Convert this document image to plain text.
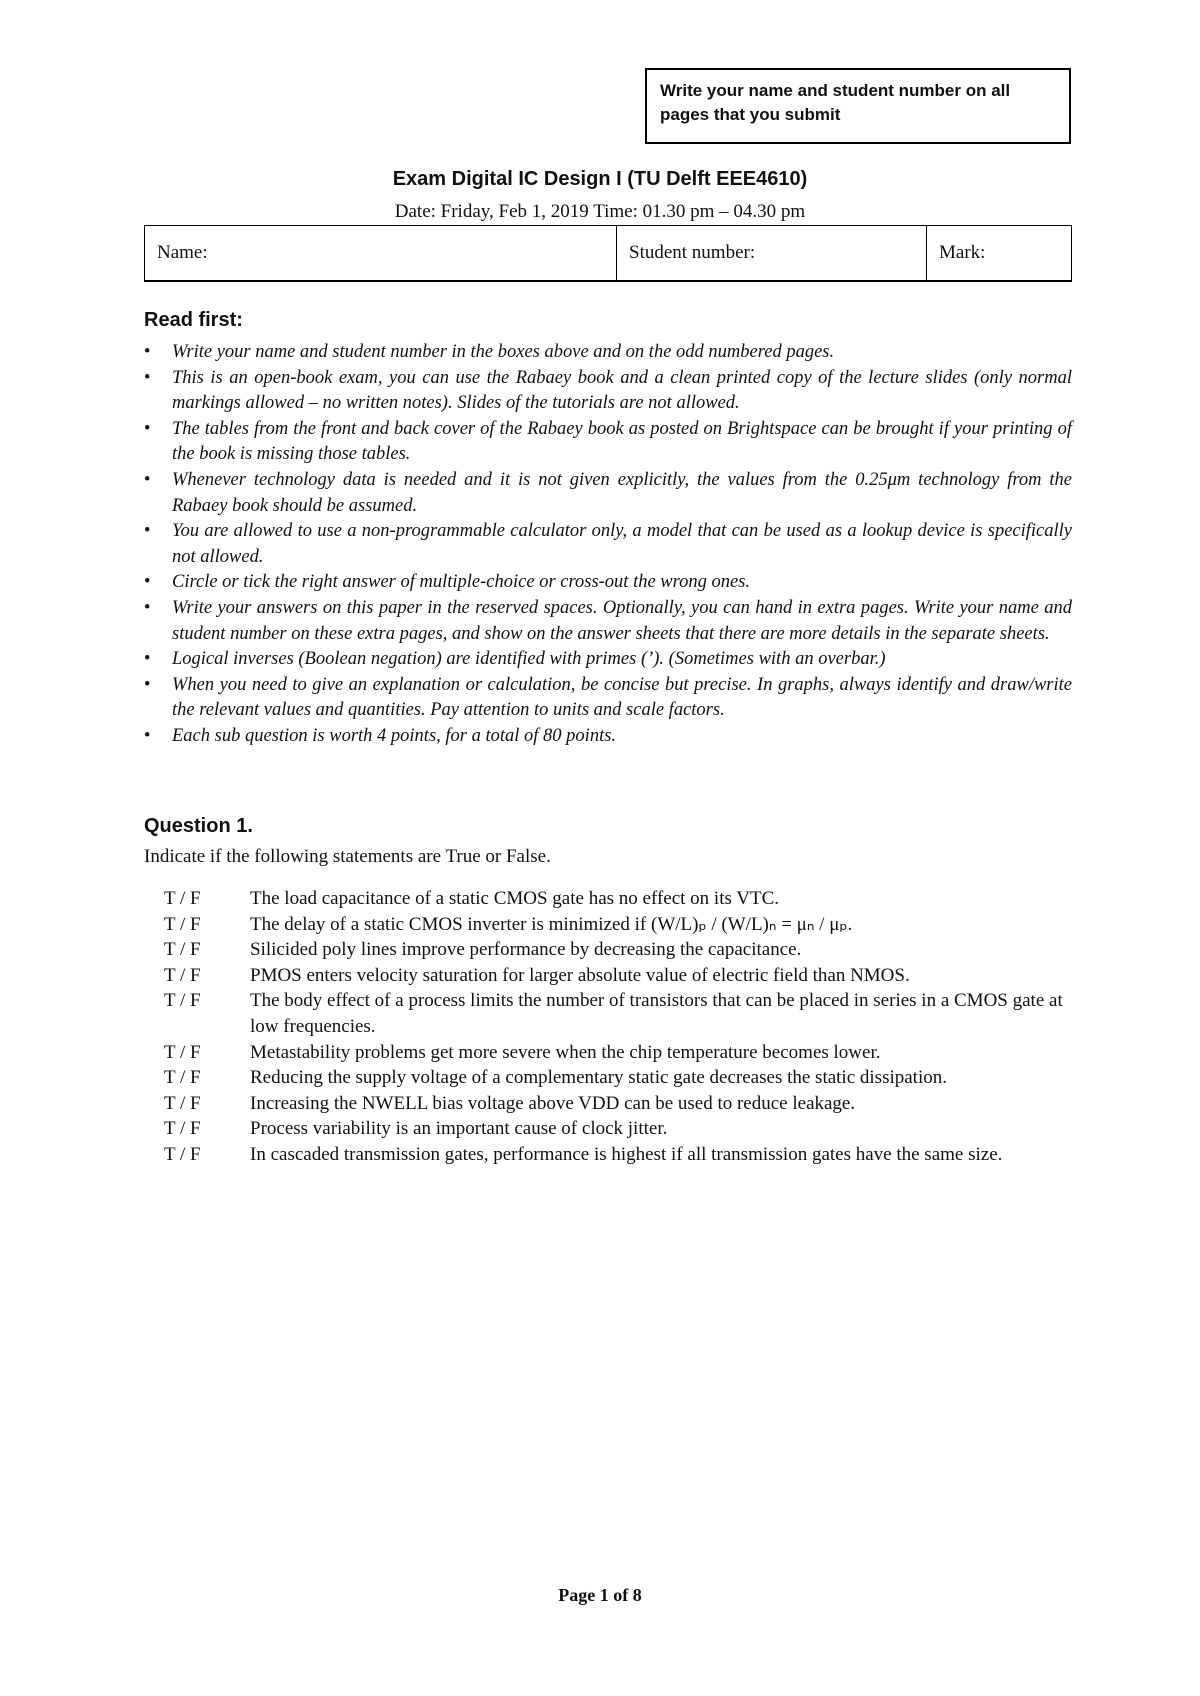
Write your name and student number on all pages that you submit
Exam Digital IC Design I (TU Delft EEE4610)
Date: Friday, Feb 1, 2019 Time: 01.30 pm – 04.30 pm
Name:	Student number:	Mark:
Read first:
• Write your name and student number in the boxes above and on the odd numbered pages.
• This is an open-book exam, you can use the Rabaey book and a clean printed copy of the lecture slides (only normal markings allowed – no written notes). Slides of the tutorials are not allowed.
• The tables from the front and back cover of the Rabaey book as posted on Brightspace can be brought if your printing of the book is missing those tables.
• Whenever technology data is needed and it is not given explicitly, the values from the 0.25μm technology from the Rabaey book should be assumed.
• You are allowed to use a non-programmable calculator only, a model that can be used as a lookup device is specifically not allowed.
• Circle or tick the right answer of multiple-choice or cross-out the wrong ones.
• Write your answers on this paper in the reserved spaces. Optionally, you can hand in extra pages. Write your name and student number on these extra pages, and show on the answer sheets that there are more details in the separate sheets.
• Logical inverses (Boolean negation) are identified with primes (’). (Sometimes with an overbar.)
• When you need to give an explanation or calculation, be concise but precise. In graphs, always identify and draw/write the relevant values and quantities. Pay attention to units and scale factors.
• Each sub question is worth 4 points, for a total of 80 points.
Question 1.
Indicate if the following statements are True or False.
T / F	The load capacitance of a static CMOS gate has no effect on its VTC.
T / F	The delay of a static CMOS inverter is minimized if (W/L)ₚ / (W/L)ₙ = μₙ / μₚ.
T / F	Silicided poly lines improve performance by decreasing the capacitance.
T / F	PMOS enters velocity saturation for larger absolute value of electric field than NMOS.
T / F	The body effect of a process limits the number of transistors that can be placed in series in a CMOS gate at low frequencies.
T / F	Metastability problems get more severe when the chip temperature becomes lower.
T / F	Reducing the supply voltage of a complementary static gate decreases the static dissipation.
T / F	Increasing the NWELL bias voltage above VDD can be used to reduce leakage.
T / F	Process variability is an important cause of clock jitter.
T / F	In cascaded transmission gates, performance is highest if all transmission gates have the same size.
Page 1 of 8
